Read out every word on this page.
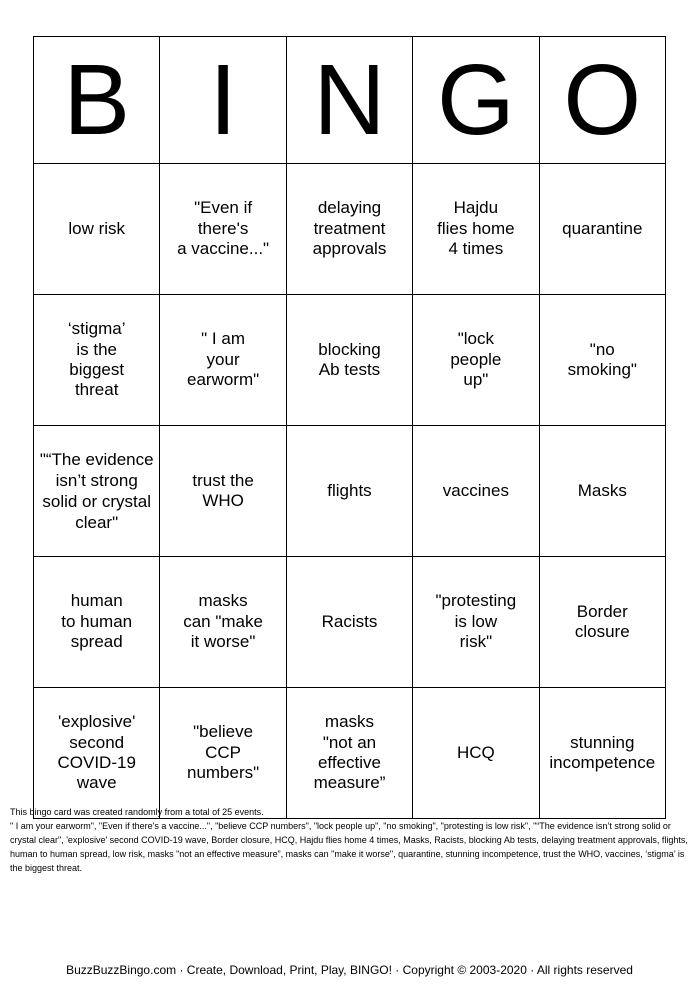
B	I	N	G	O
low risk	"Even if
there's
a vaccine..."	delaying
treatment
approvals	Hajdu
flies home
4 times	quarantine
‘stigma’
is the
biggest
threat	" I am
your
earworm"	blocking
Ab tests	"lock
people
up"	"no
smoking"
"“The evidence
isn’t strong
solid or crystal
clear"	trust the
WHO	flights	vaccines	Masks
human
to human
spread	masks
can "make
it worse"	Racists	"protesting
is low
risk"	Border
closure
'explosive'
second
COVID-19
wave	"believe
CCP
numbers"	masks
"not an
effective
measure”	HCQ	stunning
incompetence

This bingo card was created randomly from a total of 25 events.

" I am your earworm", "Even if there's a vaccine...", "believe CCP numbers", "lock people up", "no smoking", "protesting is low risk", "“The evidence isn’t strong solid or crystal clear", 'explosive' second COVID-19 wave, Border closure, HCQ, Hajdu flies home 4 times, Masks, Racists, blocking Ab tests, delaying treatment approvals, flights, human to human spread, low risk, masks "not an effective measure”, masks can "make it worse", quarantine, stunning incompetence, trust the WHO, vaccines, ‘stigma’ is the biggest threat.

BuzzBuzzBingo.com · Create, Download, Print, Play, BINGO! · Copyright © 2003-2020 · All rights reserved
